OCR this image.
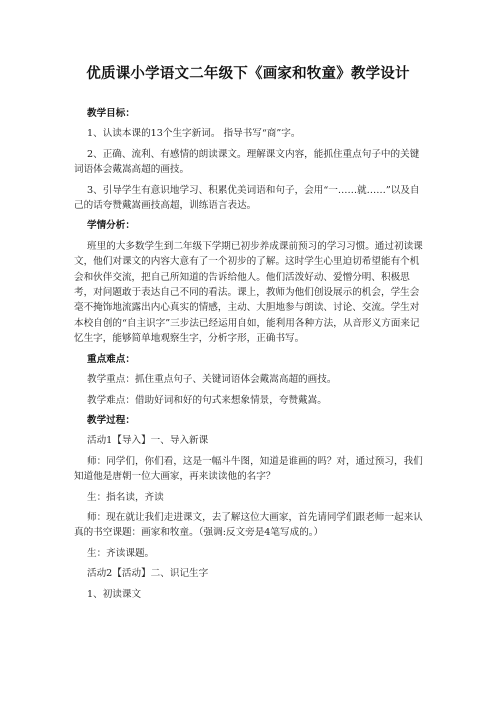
优质课小学语文二年级下《画家和牧童》教学设计

教学目标：

1、认读本课的13个生字新词。 指导书写“商”字。

2、正确、流利、有感情的朗读课文。理解课文内容，能抓住重点句子中的关键词语体会戴嵩高超的画技。

3、引导学生有意识地学习、积累优美词语和句子，会用“一……就……”以及自己的话夸赞戴嵩画技高超，训练语言表达。

学情分析：

班里的大多数学生到二年级下学期已初步养成课前预习的学习习惯。通过初读课文，他们对课文的内容大意有了一个初步的了解。这时学生心里迫切希望能有个机会和伙伴交流，把自己所知道的告诉给他人。他们活泼好动、爱憎分明、积极思考，对问题敢于表达自己不同的看法。课上，教师为他们创设展示的机会，学生会毫不掩饰地流露出内心真实的情感，主动、大胆地参与朗读、讨论、交流。学生对本校自创的“自主识字”三步法已经运用自如，能利用各种方法，从音形义方面来记忆生字，能够简单地观察生字，分析字形，正确书写。

重点难点：

教学重点：抓住重点句子、关键词语体会戴嵩高超的画技。

教学难点：借助好词和好的句式来想象情景，夸赞戴嵩。

教学过程：

活动1【导入】一、导入新课

师：同学们，你们看，这是一幅斗牛图，知道是谁画的吗？对，通过预习，我们知道他是唐朝一位大画家，再来读读他的名字？

生：指名读，齐读

师：现在就让我们走进课文，去了解这位大画家，首先请同学们跟老师一起来认真的书空课题：画家和牧童。（强调:反文旁是4笔写成的。）

生：齐读课题。

活动2【活动】二、识记生字

1、初读课文
